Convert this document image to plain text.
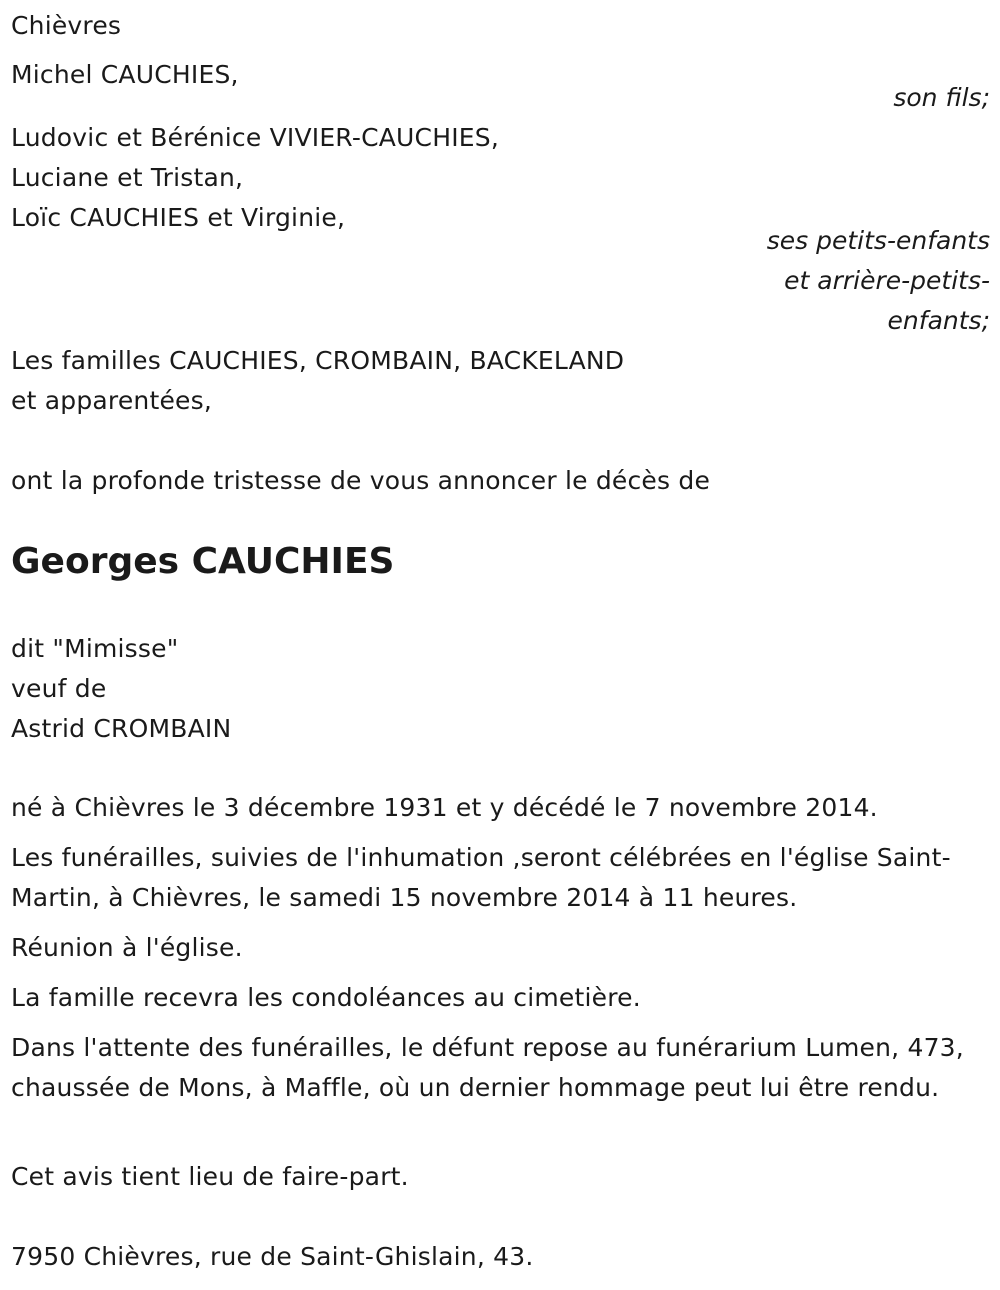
Chièvres
Michel CAUCHIES,
son fils;
Ludovic et Bérénice VIVIER-CAUCHIES,
Luciane et Tristan,
Loïc CAUCHIES et Virginie,
ses petits-enfants
et arrière-petits-
enfants;
Les familles CAUCHIES, CROMBAIN, BACKELAND
et apparentées,
ont la profonde tristesse de vous annoncer le décès de
Georges CAUCHIES
dit "Mimisse"
veuf de
Astrid CROMBAIN
né à Chièvres le 3 décembre 1931 et y décédé le 7 novembre 2014.
Les funérailles, suivies de l'inhumation ,seront célébrées en l'église Saint-Martin, à Chièvres, le samedi 15 novembre 2014 à 11 heures.
Réunion à l'église.
La famille recevra les condoléances au cimetière.
Dans l'attente des funérailles, le défunt repose au funérarium Lumen, 473, chaussée de Mons, à Maffle, où un dernier hommage peut lui être rendu.
Cet avis tient lieu de faire-part.
7950 Chièvres, rue de Saint-Ghislain, 43.
